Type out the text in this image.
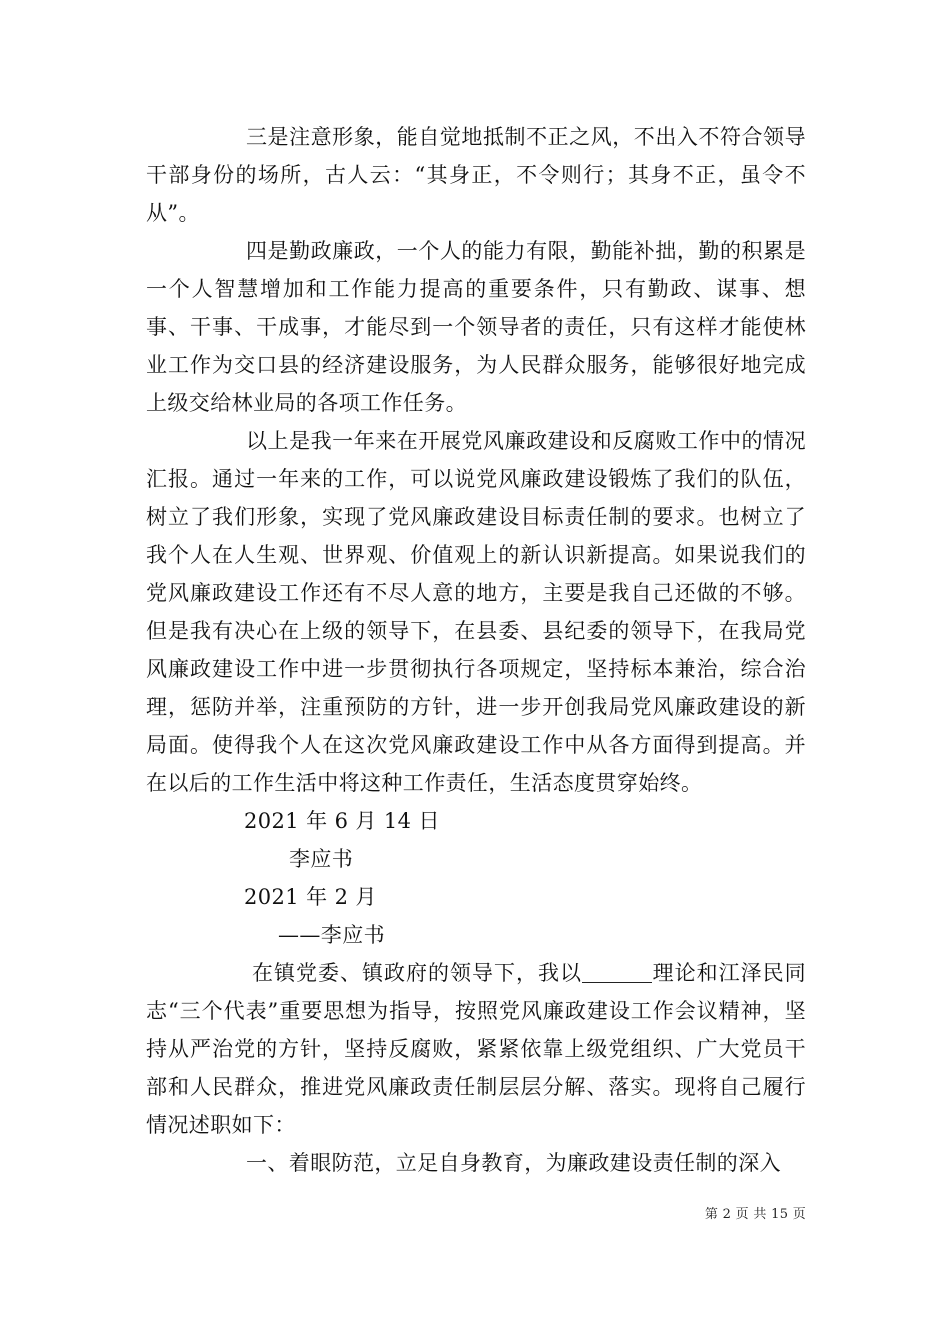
三是注意形象，能自觉地抵制不正之风，不出入不符合领导干部身份的场所，古人云：“其身正，不令则行；其身不正，虽令不从”。

四是勤政廉政，一个人的能力有限，勤能补拙，勤的积累是一个人智慧增加和工作能力提高的重要条件，只有勤政、谋事、想事、干事、干成事，才能尽到一个领导者的责任，只有这样才能使林业工作为交口县的经济建设服务，为人民群众服务，能够很好地完成上级交给林业局的各项工作任务。

以上是我一年来在开展党风廉政建设和反腐败工作中的情况汇报。通过一年来的工作，可以说党风廉政建设锻炼了我们的队伍，树立了我们形象，实现了党风廉政建设目标责任制的要求。也树立了我个人在人生观、世界观、价值观上的新认识新提高。如果说我们的党风廉政建设工作还有不尽人意的地方，主要是我自己还做的不够。但是我有决心在上级的领导下，在县委、县纪委的领导下，在我局党风廉政建设工作中进一步贯彻执行各项规定，坚持标本兼治，综合治理，惩防并举，注重预防的方针，进一步开创我局党风廉政建设的新局面。使得我个人在这次党风廉政建设工作中从各方面得到提高。并在以后的工作生活中将这种工作责任，生活态度贯穿始终。

2021 年 6 月 14 日

李应书

2021 年 2 月

——李应书

在镇党委、镇政府的领导下，我以	理论和江泽民同志“三个代表”重要思想为指导，按照党风廉政建设工作会议精神，坚持从严治党的方针，坚持反腐败，紧紧依靠上级党组织、广大党员干部和人民群众，推进党风廉政责任制层层分解、落实。现将自己履行情况述职如下：

一、着眼防范，立足自身教育，为廉政建设责任制的深入

第 2 页 共 15 页
